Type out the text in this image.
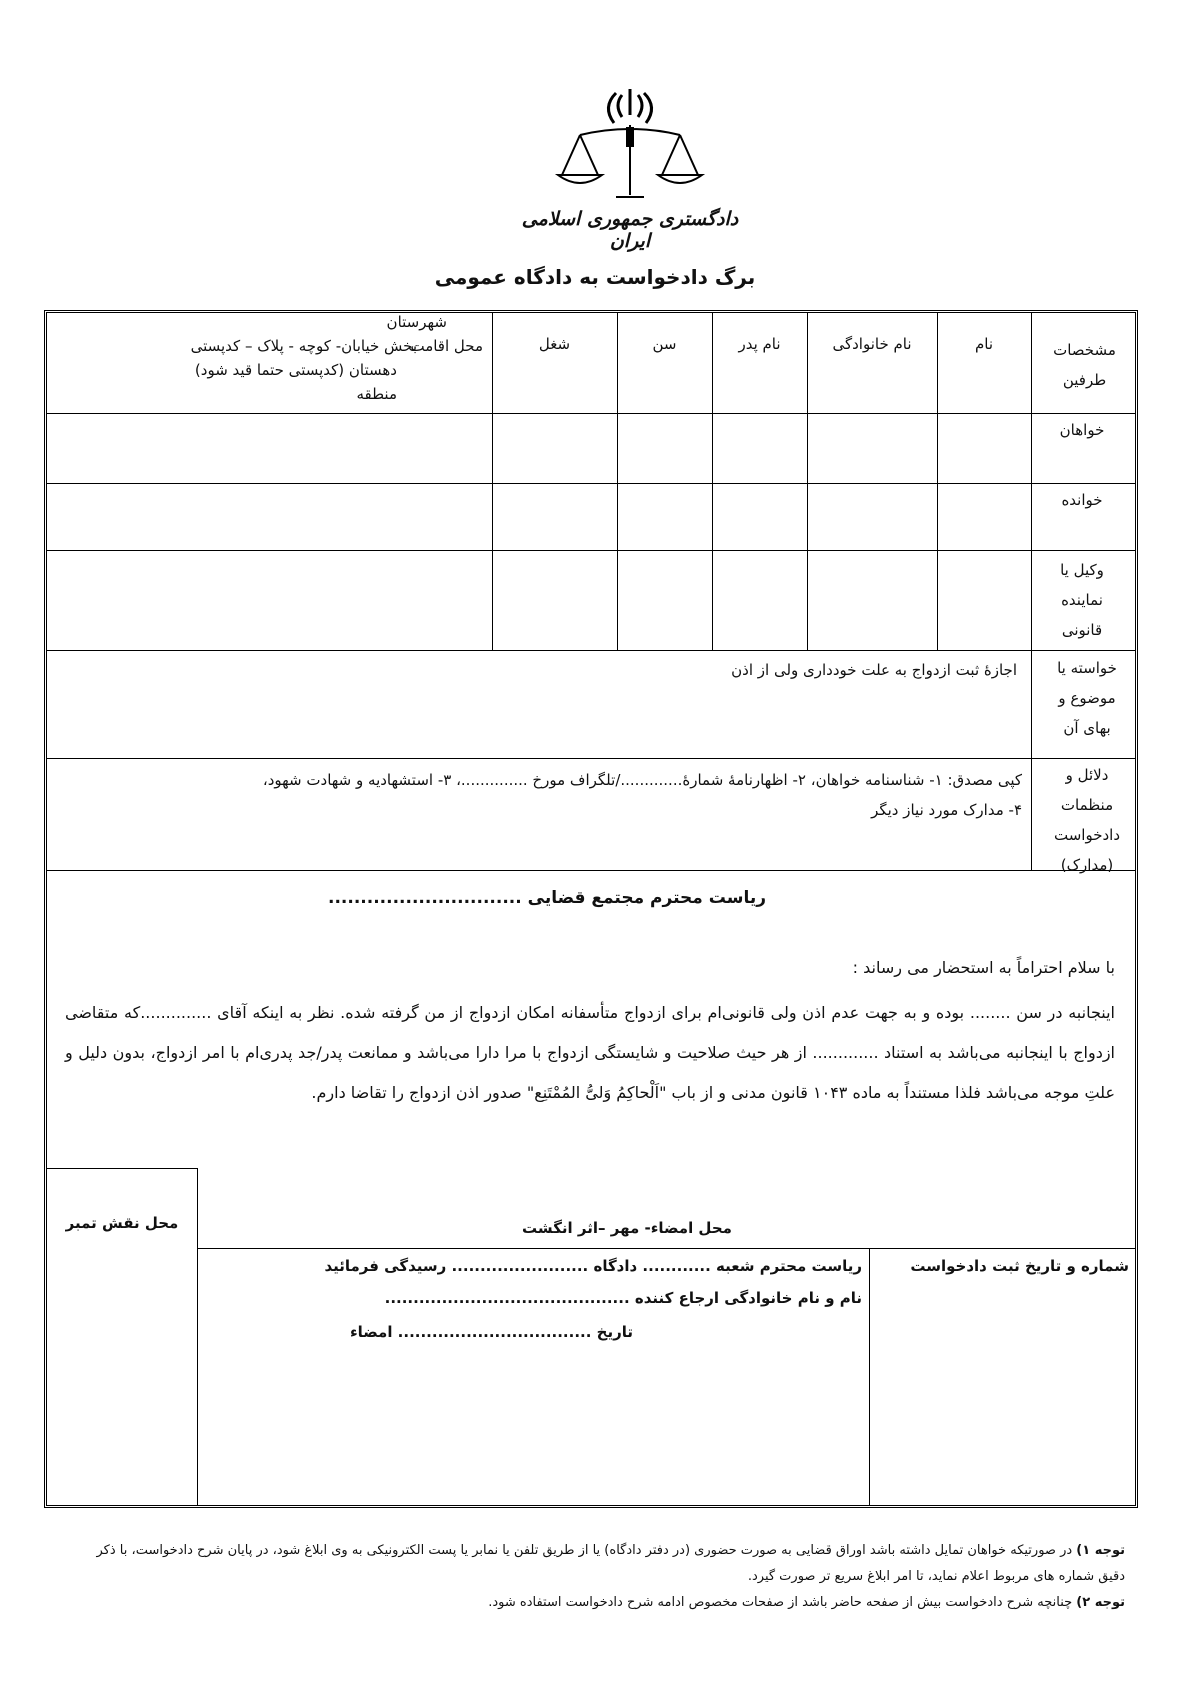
دادگستری جمهوری اسلامی ایران
برگ دادخواست به دادگاه عمومی
مشخصات طرفین
نام
نام خانوادگی
نام پدر
سن
شغل
محل اقامت
شهرستان
بخش خیابان- کوچه - پلاک – کدپستی
دهستان (کدپستی حتما قید شود)
منطقه
خواهان
خوانده
وکیل یا نماینده قانونی
خواسته یا موضوع و بهای آن
دلائل و منظمات دادخواست (مدارک)
اجازۀ ثبت ازدواج به علت خودداری ولی از اذن
کپی مصدق: ۱- شناسنامه خواهان، ۲- اظهارنامۀ شمارۀ............./تلگراف مورخ ..............، ۳- استشهادیه و شهادت شهود،
۴- مدارک مورد نیاز دیگر
ریاست محترم مجتمع قضایی ..............................
با سلام احتراماً به استحضار می رساند :
اینجانبه در سن ........ بوده و به جهت عدم اذن ولی قانونی‌ام برای ازدواج متأسفانه امکان ازدواج از من گرفته شده. نظر به اینکه آقای ..............که متقاضی ازدواج با اینجانبه می‌باشد به استناد ............. از هر حیث صلاحیت و شایستگی ازدواج با مرا دارا می‌باشد و ممانعت پدر/جد پدری‌ام با امر ازدواج، بدون دلیل و علتِ موجه می‌باشد فلذا مستنداً به ماده ۱۰۴۳ قانون مدنی و از باب "اَلْحاکِمُ وَلیُّ المُمْتَنِع" صدور اذن ازدواج را تقاضا دارم.
محل نقش تمبر	محل امضاء- مهر –اثر انگشت
شماره و تاریخ ثبت دادخواست
ریاست محترم شعبه ............ دادگاه ........................ رسیدگی فرمائید
نام و نام خانوادگی ارجاع کننده ...........................................
تاریخ .................................. امضاء
توجه ۱) در صورتیکه خواهان تمایل داشته باشد اوراق قضایی به صورت حضوری (در دفتر دادگاه) یا از طریق تلفن یا نمابر یا پست الکترونیکی به وی ابلاغ شود، در پایان شرح دادخواست، با ذکر دقیق شماره های مربوط اعلام نماید، تا امر ابلاغ سریع تر صورت گیرد.
توجه ۲) چنانچه شرح دادخواست بیش از صفحه حاضر باشد از صفحات مخصوص ادامه شرح دادخواست استفاده شود.
